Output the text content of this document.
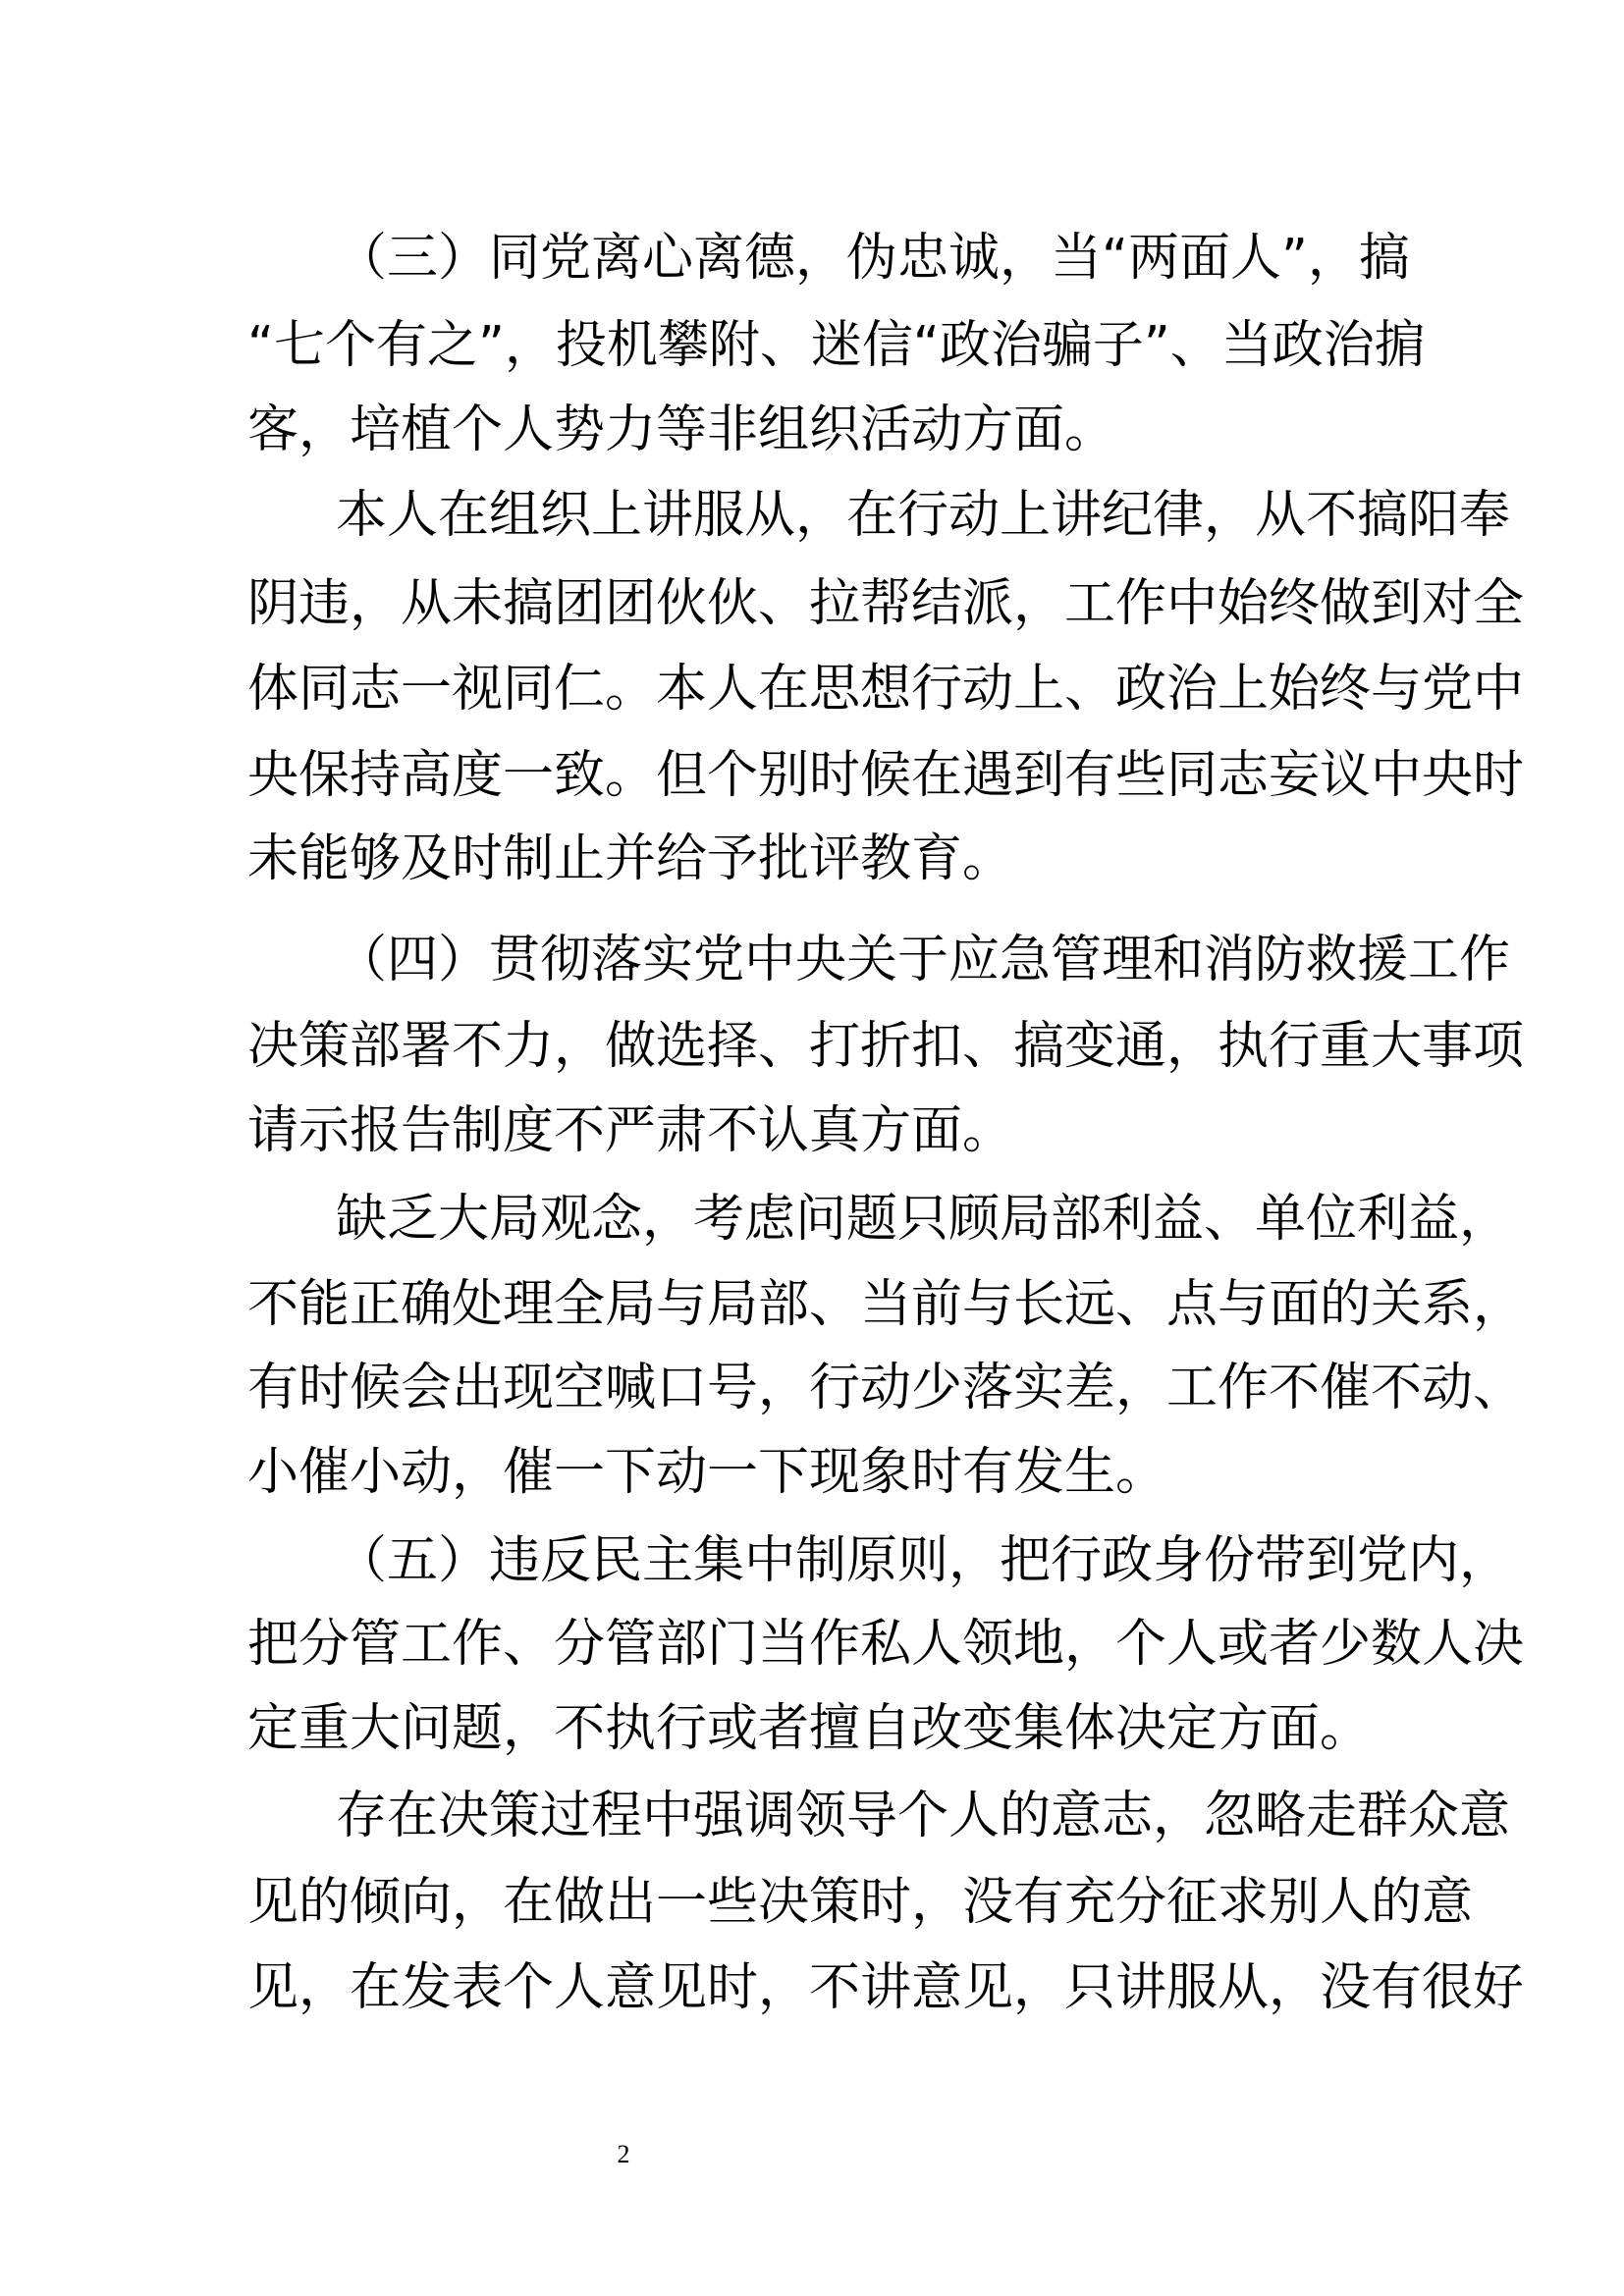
（三）同党离心离德，伪忠诚，当“两面人”，搞
“七个有之”，投机攀附、迷信“政治骗子”、当政治掮
客，培植个人势力等非组织活动方面。
本人在组织上讲服从，在行动上讲纪律，从不搞阳奉
阴违，从未搞团团伙伙、拉帮结派，工作中始终做到对全
体同志一视同仁。本人在思想行动上、政治上始终与党中
央保持高度一致。但个别时候在遇到有些同志妄议中央时
未能够及时制止并给予批评教育。
（四）贯彻落实党中央关于应急管理和消防救援工作
决策部署不力，做选择、打折扣、搞变通，执行重大事项
请示报告制度不严肃不认真方面。
缺乏大局观念，考虑问题只顾局部利益、单位利益，
不能正确处理全局与局部、当前与长远、点与面的关系，
有时候会出现空喊口号，行动少落实差，工作不催不动、
小催小动，催一下动一下现象时有发生。
（五）违反民主集中制原则，把行政身份带到党内，
把分管工作、分管部门当作私人领地，个人或者少数人决
定重大问题，不执行或者擅自改变集体决定方面。
存在决策过程中强调领导个人的意志，忽略走群众意
见的倾向，在做出一些决策时，没有充分征求别人的意
见，在发表个人意见时，不讲意见，只讲服从，没有很好
2
